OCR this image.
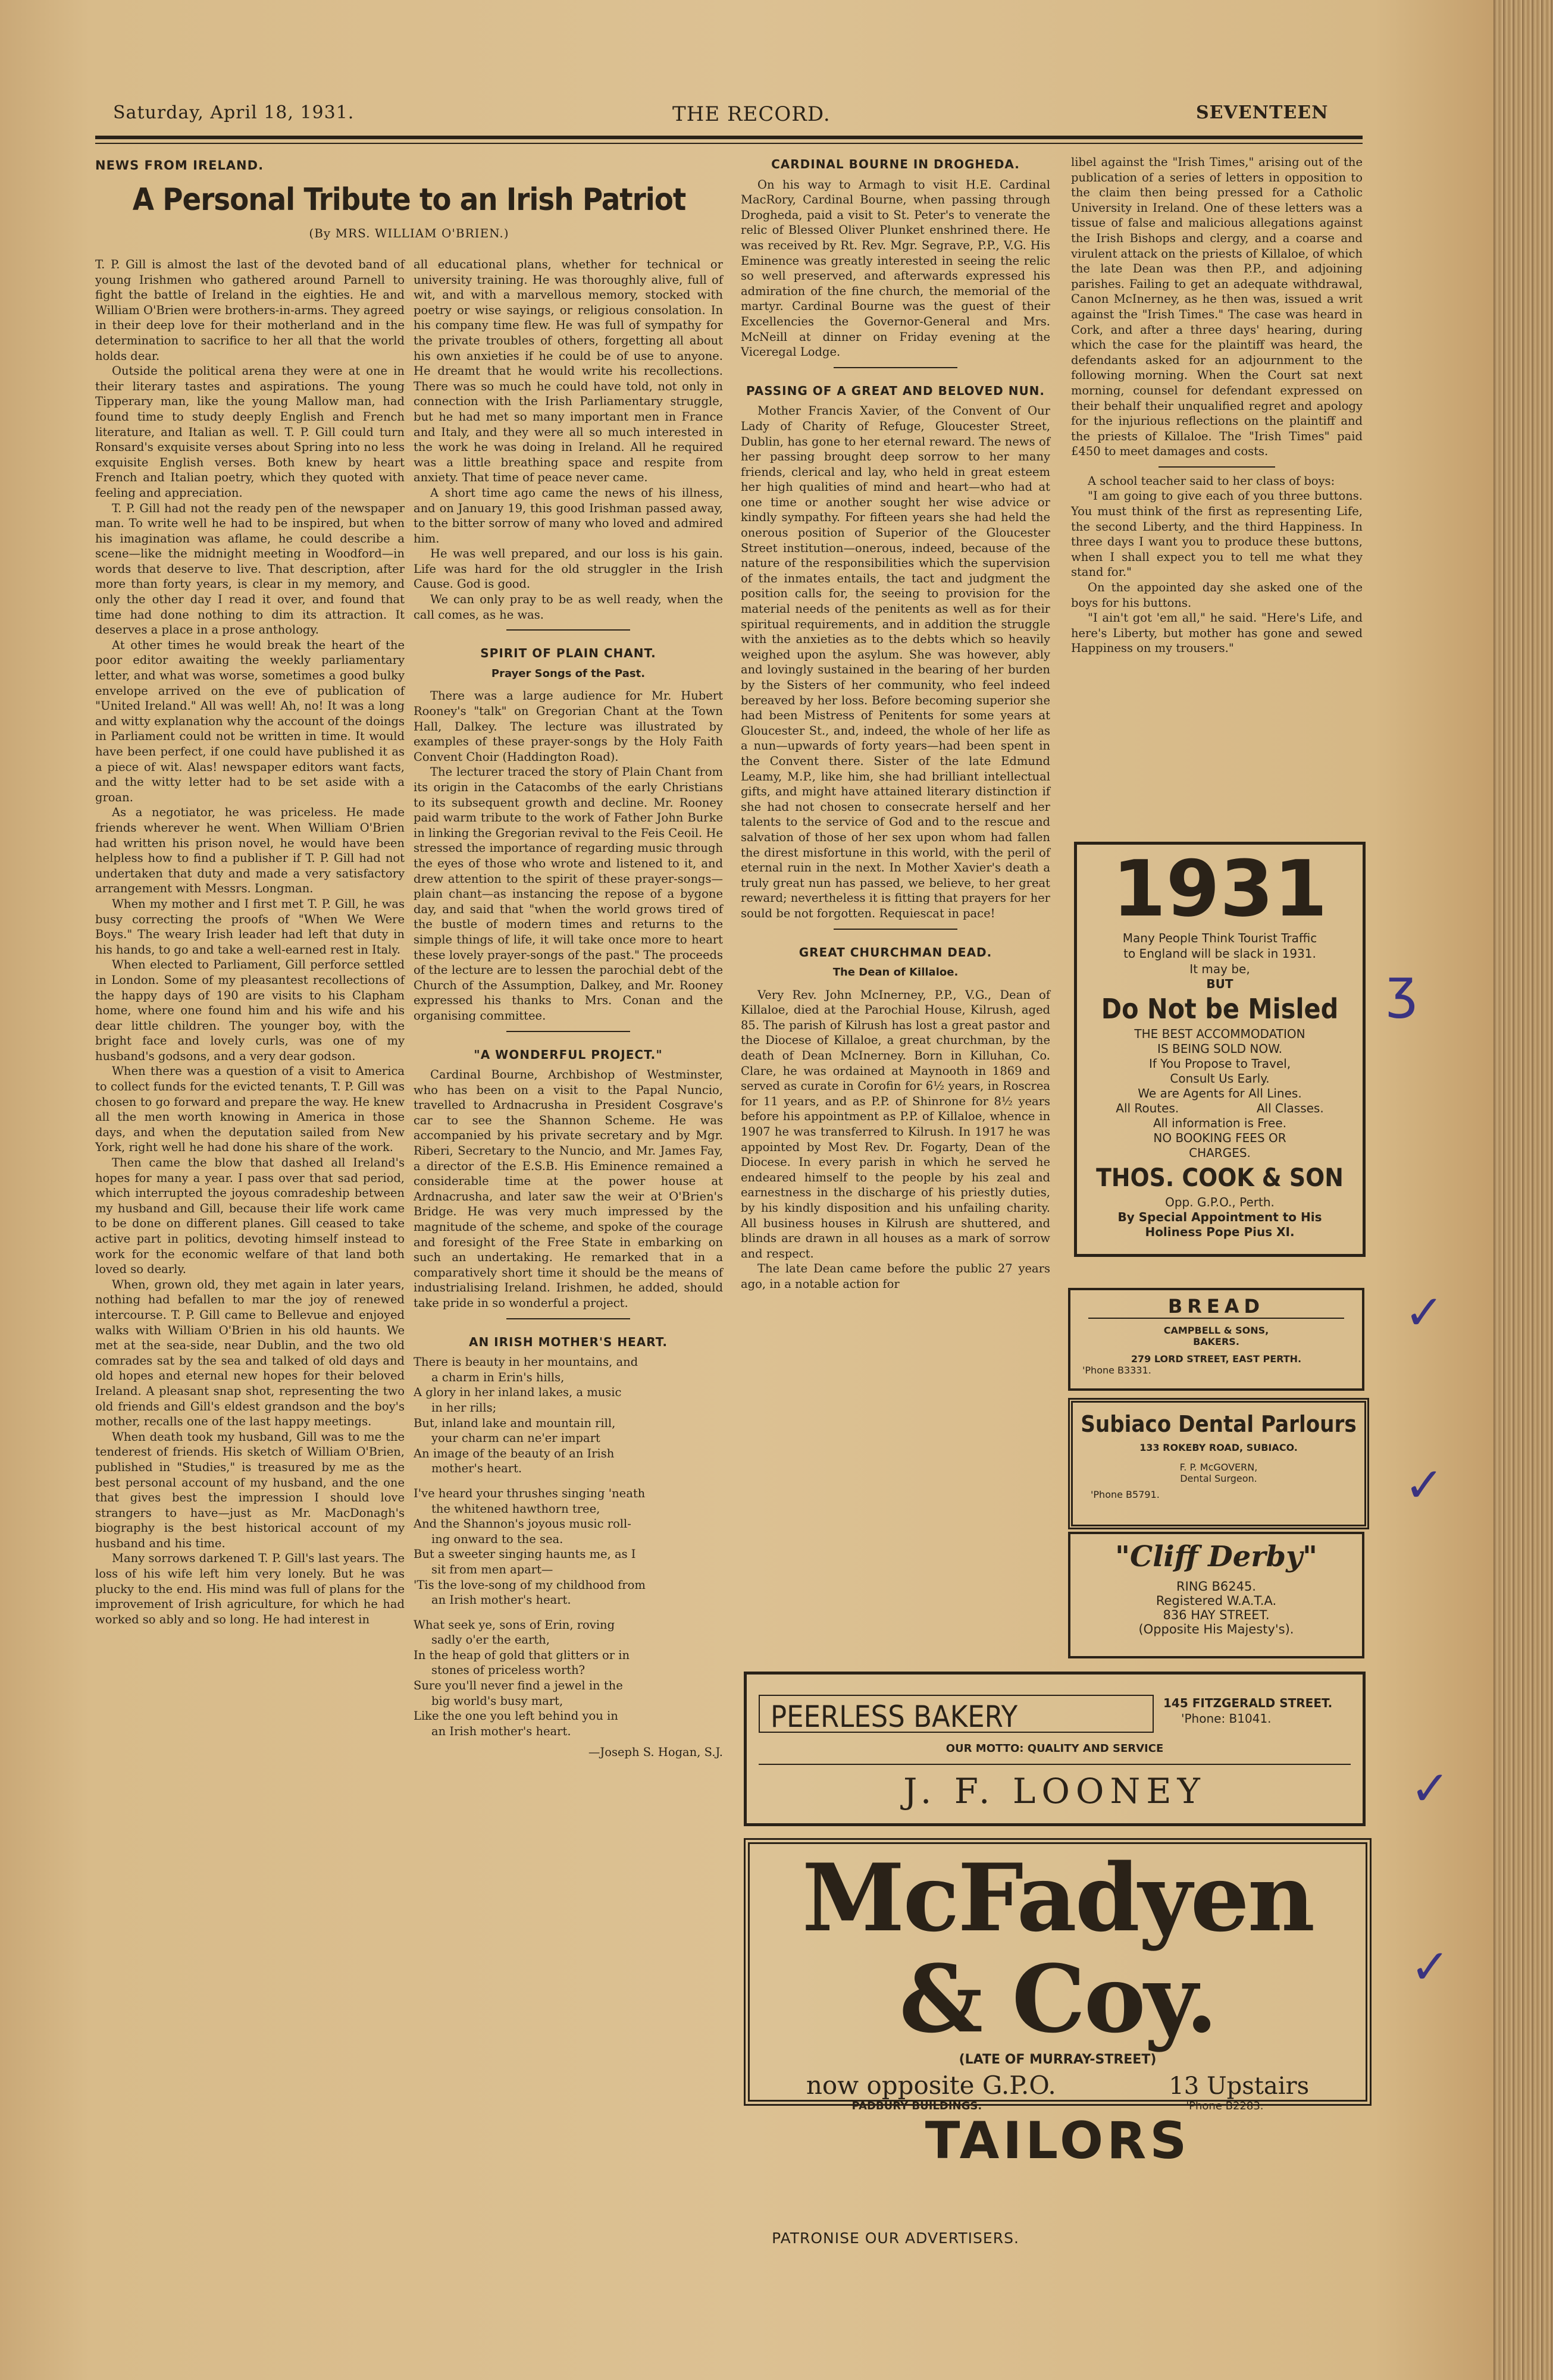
Saturday, April 18, 1931.	THE RECORD.	SEVENTEEN
NEWS FROM IRELAND.
A Personal Tribute to an Irish Patriot
(By MRS. WILLIAM O'BRIEN.)

T. P. Gill is almost the last of the devoted band of young Irishmen who gathered around Parnell to fight the battle of Ireland in the eighties. He and William O'Brien were brothers-in-arms. They agreed in their deep love for their motherland and in the determination to sacrifice to her all that the world holds dear.

Outside the political arena they were at one in their literary tastes and aspirations. The young Tipperary man, like the young Mallow man, had found time to study deeply English and French literature, and Italian as well. T. P. Gill could turn Ronsard's exquisite verses about Spring into no less exquisite English verses. Both knew by heart French and Italian poetry, which they quoted with feeling and appreciation.

T. P. Gill had not the ready pen of the newspaper man. To write well he had to be inspired, but when his imagination was aflame, he could describe a scene—like the midnight meeting in Woodford—in words that deserve to live. That description, after more than forty years, is clear in my memory, and only the other day I read it over, and found that time had done nothing to dim its attraction. It deserves a place in a prose anthology.

At other times he would break the heart of the poor editor awaiting the weekly parliamentary letter, and what was worse, sometimes a good bulky envelope arrived on the eve of publication of "United Ireland." All was well! Ah, no! It was a long and witty explanation why the account of the doings in Parliament could not be written in time. It would have been perfect, if one could have published it as a piece of wit. Alas! newspaper editors want facts, and the witty letter had to be set aside with a groan.

As a negotiator, he was priceless. He made friends wherever he went. When William O'Brien had written his prison novel, he would have been helpless how to find a publisher if T. P. Gill had not undertaken that duty and made a very satisfactory arrangement with Messrs. Longman.

When my mother and I first met T. P. Gill, he was busy correcting the proofs of "When We Were Boys." The weary Irish leader had left that duty in his hands, to go and take a well-earned rest in Italy.

When elected to Parliament, Gill perforce settled in London. Some of my pleasantest recollections of the happy days of 190 are visits to his Clapham home, where one found him and his wife and his dear little children. The younger boy, with the bright face and lovely curls, was one of my husband's godsons, and a very dear godson.

When there was a question of a visit to America to collect funds for the evicted tenants, T. P. Gill was chosen to go forward and prepare the way. He knew all the men worth knowing in America in those days, and when the deputation sailed from New York, right well he had done his share of the work.

Then came the blow that dashed all Ireland's hopes for many a year. I pass over that sad period, which interrupted the joyous comradeship between my husband and Gill, because their life work came to be done on different planes. Gill ceased to take active part in politics, devoting himself instead to work for the economic welfare of that land both loved so dearly.

When, grown old, they met again in later years, nothing had befallen to mar the joy of renewed intercourse. T. P. Gill came to Bellevue and enjoyed walks with William O'Brien in his old haunts. We met at the sea-side, near Dublin, and the two old comrades sat by the sea and talked of old days and old hopes and eternal new hopes for their beloved Ireland. A pleasant snap shot, representing the two old friends and Gill's eldest grandson and the boy's mother, recalls one of the last happy meetings.

When death took my husband, Gill was to me the tenderest of friends. His sketch of William O'Brien, published in "Studies," is treasured by me as the best personal account of my husband, and the one that gives best the impression I should love strangers to have—just as Mr. MacDonagh's biography is the best historical account of my husband and his time.

Many sorrows darkened T. P. Gill's last years. The loss of his wife left him very lonely. But he was plucky to the end. His mind was full of plans for the improvement of Irish agriculture, for which he had worked so ably and so long. He had interest in

all educational plans, whether for technical or university training. He was thoroughly alive, full of wit, and with a marvellous memory, stocked with poetry or wise sayings, or religious consolation. In his company time flew. He was full of sympathy for the private troubles of others, forgetting all about his own anxieties if he could be of use to anyone. He dreamt that he would write his recollections. There was so much he could have told, not only in connection with the Irish Parliamentary struggle, but he had met so many important men in France and Italy, and they were all so much interested in the work he was doing in Ireland. All he required was a little breathing space and respite from anxiety. That time of peace never came.

A short time ago came the news of his illness, and on January 19, this good Irishman passed away, to the bitter sorrow of many who loved and admired him.

He was well prepared, and our loss is his gain. Life was hard for the old struggler in the Irish Cause. God is good.

We can only pray to be as well ready, when the call comes, as he was.

SPIRIT OF PLAIN CHANT.
Prayer Songs of the Past.

There was a large audience for Mr. Hubert Rooney's "talk" on Gregorian Chant at the Town Hall, Dalkey. The lecture was illustrated by examples of these prayer-songs by the Holy Faith Convent Choir (Haddington Road).

The lecturer traced the story of Plain Chant from its origin in the Catacombs of the early Christians to its subsequent growth and decline. Mr. Rooney paid warm tribute to the work of Father John Burke in linking the Gregorian revival to the Feis Ceoil. He stressed the importance of regarding music through the eyes of those who wrote and listened to it, and drew attention to the spirit of these prayer-songs—plain chant—as instancing the repose of a bygone day, and said that "when the world grows tired of the bustle of modern times and returns to the simple things of life, it will take once more to heart these lovely prayer-songs of the past." The proceeds of the lecture are to lessen the parochial debt of the Church of the Assumption, Dalkey, and Mr. Rooney expressed his thanks to Mrs. Conan and the organising committee.

"A WONDERFUL PROJECT."

Cardinal Bourne, Archbishop of Westminster, who has been on a visit to the Papal Nuncio, travelled to Ardnacrusha in President Cosgrave's car to see the Shannon Scheme. He was accompanied by his private secretary and by Mgr. Riberi, Secretary to the Nuncio, and Mr. James Fay, a director of the E.S.B. His Eminence remained a considerable time at the power house at Ardnacrusha, and later saw the weir at O'Brien's Bridge. He was very much impressed by the magnitude of the scheme, and spoke of the courage and foresight of the Free State in embarking on such an undertaking. He remarked that in a comparatively short time it should be the means of industrialising Ireland. Irishmen, he added, should take pride in so wonderful a project.

AN IRISH MOTHER'S HEART.

There is beauty in her mountains, and

a charm in Erin's hills,

A glory in her inland lakes, a music

in her rills;

But, inland lake and mountain rill,

your charm can ne'er impart

An image of the beauty of an Irish

mother's heart.

I've heard your thrushes singing 'neath

the whitened hawthorn tree,

And the Shannon's joyous music roll-

ing onward to the sea.

But a sweeter singing haunts me, as I

sit from men apart—

'Tis the love-song of my childhood from

an Irish mother's heart.

What seek ye, sons of Erin, roving

sadly o'er the earth,

In the heap of gold that glitters or in

stones of priceless worth?

Sure you'll never find a jewel in the

big world's busy mart,

Like the one you left behind you in

an Irish mother's heart.

—Joseph S. Hogan, S.J.
CARDINAL BOURNE IN DROGHEDA.

On his way to Armagh to visit H.E. Cardinal MacRory, Cardinal Bourne, when passing through Drogheda, paid a visit to St. Peter's to venerate the relic of Blessed Oliver Plunket enshrined there. He was received by Rt. Rev. Mgr. Segrave, P.P., V.G. His Eminence was greatly interested in seeing the relic so well preserved, and afterwards expressed his admiration of the fine church, the memorial of the martyr. Cardinal Bourne was the guest of their Excellencies the Governor-General and Mrs. McNeill at dinner on Friday evening at the Viceregal Lodge.

PASSING OF A GREAT AND BELOVED NUN.

Mother Francis Xavier, of the Convent of Our Lady of Charity of Refuge, Gloucester Street, Dublin, has gone to her eternal reward. The news of her passing brought deep sorrow to her many friends, clerical and lay, who held in great esteem her high qualities of mind and heart—who had at one time or another sought her wise advice or kindly sympathy. For fifteen years she had held the onerous position of Superior of the Gloucester Street institution—onerous, indeed, because of the nature of the responsibilities which the supervision of the inmates entails, the tact and judgment the position calls for, the seeing to provision for the material needs of the penitents as well as for their spiritual requirements, and in addition the struggle with the anxieties as to the debts which so heavily weighed upon the asylum. She was however, ably and lovingly sustained in the bearing of her burden by the Sisters of her community, who feel indeed bereaved by her loss. Before becoming superior she had been Mistress of Penitents for some years at Gloucester St., and, indeed, the whole of her life as a nun—upwards of forty years—had been spent in the Convent there. Sister of the late Edmund Leamy, M.P., like him, she had brilliant intellectual gifts, and might have attained literary distinction if she had not chosen to consecrate herself and her talents to the service of God and to the rescue and salvation of those of her sex upon whom had fallen the direst misfortune in this world, with the peril of eternal ruin in the next. In Mother Xavier's death a truly great nun has passed, we believe, to her great reward; nevertheless it is fitting that prayers for her sould be not forgotten. Requiescat in pace!

GREAT CHURCHMAN DEAD.
The Dean of Killaloe.

Very Rev. John McInerney, P.P., V.G., Dean of Killaloe, died at the Parochial House, Kilrush, aged 85. The parish of Kilrush has lost a great pastor and the Diocese of Killaloe, a great churchman, by the death of Dean McInerney. Born in Killuhan, Co. Clare, he was ordained at Maynooth in 1869 and served as curate in Corofin for 6½ years, in Roscrea for 11 years, and as P.P. of Shinrone for 8½ years before his appointment as P.P. of Killaloe, whence in 1907 he was transferred to Kilrush. In 1917 he was appointed by Most Rev. Dr. Fogarty, Dean of the Diocese. In every parish in which he served he endeared himself to the people by his zeal and earnestness in the discharge of his priestly duties, by his kindly disposition and his unfailing charity. All business houses in Kilrush are shuttered, and blinds are drawn in all houses as a mark of sorrow and respect.

The late Dean came before the public 27 years ago, in a notable action for

libel against the "Irish Times," arising out of the publication of a series of letters in opposition to the claim then being pressed for a Catholic University in Ireland. One of these letters was a tissue of false and malicious allegations against the Irish Bishops and clergy, and a coarse and virulent attack on the priests of Killaloe, of which the late Dean was then P.P., and adjoining parishes. Failing to get an adequate withdrawal, Canon McInerney, as he then was, issued a writ against the "Irish Times." The case was heard in Cork, and after a three days' hearing, during which the case for the plaintiff was heard, the defendants asked for an adjournment to the following morning. When the Court sat next morning, counsel for defendant expressed on their behalf their unqualified regret and apology for the injurious reflections on the plaintiff and the priests of Killaloe. The "Irish Times" paid £450 to meet damages and costs.

A school teacher said to her class of boys:

"I am going to give each of you three buttons. You must think of the first as representing Life, the second Liberty, and the third Happiness. In three days I want you to produce these buttons, when I shall expect you to tell me what they stand for."

On the appointed day she asked one of the boys for his buttons.

"I ain't got 'em all," he said. "Here's Life, and here's Liberty, but mother has gone and sewed Happiness on my trousers."

1931
Many People Think Tourist Traffic
to England will be slack in 1931.
It may be,
BUT
Do Not be Misled
THE BEST ACCOMMODATION
IS BEING SOLD NOW.
If You Propose to Travel,
Consult Us Early.
We are Agents for All Lines.
All Routes.	All Classes.
All information is Free.
NO BOOKING FEES OR
CHARGES.
THOS. COOK & SON
Opp. G.P.O., Perth.
By Special Appointment to His
Holiness Pope Pius XI.
BREAD
CAMPBELL & SONS,
BAKERS.
279 LORD STREET, EAST PERTH.
'Phone B3331.
Subiaco Dental Parlours
133 ROKEBY ROAD, SUBIACO.
F. P. McGOVERN,
Dental Surgeon.
'Phone B5791.
"Cliff Derby"
RING B6245.
Registered W.A.T.A.
836 HAY STREET.
(Opposite His Majesty's).
PEERLESS BAKERY	145 FITZGERALD STREET.
'Phone: B1041.
OUR MOTTO: QUALITY AND SERVICE
J. F. LOONEY
McFadyen & Coy.
(LATE OF MURRAY-STREET)
now opposite G.P.O.	13 Upstairs
PADBURY BUILDINGS.	'Phone B2283.
TAILORS
PATRONISE OUR ADVERTISERS.
ʒ
✓
✓
✓
✓
